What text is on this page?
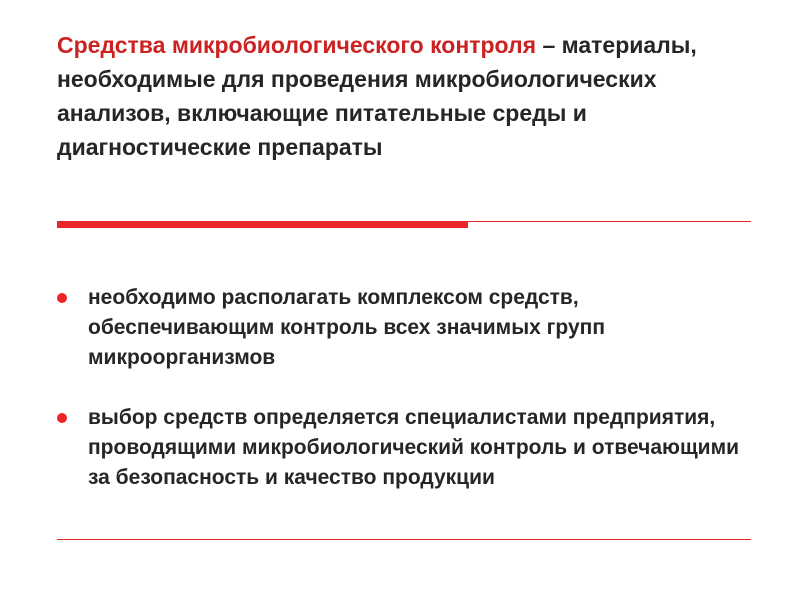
Средства микробиологического контроля – материалы, необходимые для проведения микробиологических анализов, включающие питательные среды и диагностические препараты
необходимо располагать комплексом средств, обеспечивающим контроль всех значимых групп микроорганизмов
выбор средств определяется специалистами предприятия, проводящими микробиологический контроль и отвечающими за безопасность и качество продукции
